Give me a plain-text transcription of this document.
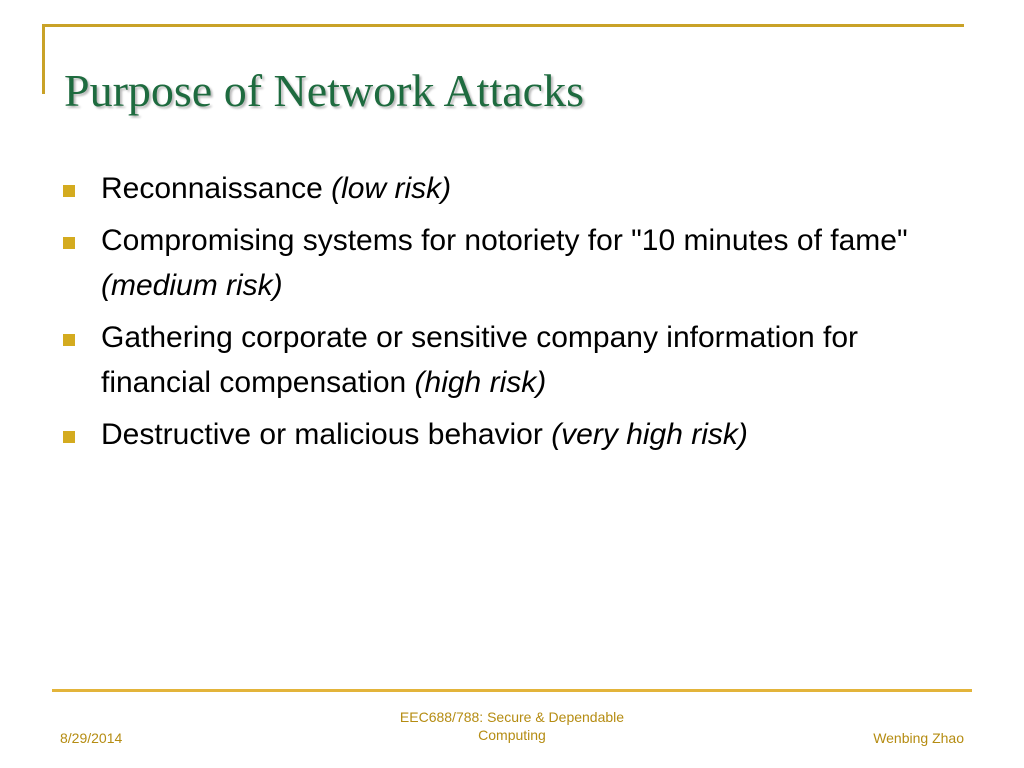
Purpose of Network Attacks
Reconnaissance (low risk)
Compromising systems for notoriety for "10 minutes of fame" (medium risk)
Gathering corporate or sensitive company information for financial compensation (high risk)
Destructive or malicious behavior (very high risk)
8/29/2014
EEC688/788: Secure & Dependable
Computing	Wenbing Zhao
